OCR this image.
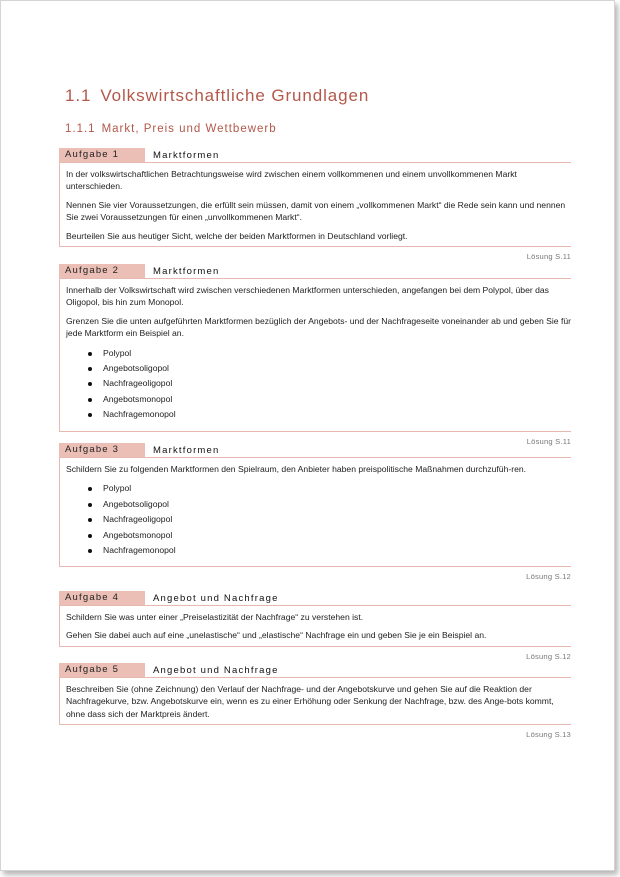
1.1 Volkswirtschaftliche Grundlagen
1.1.1 Markt, Preis und Wettbewerb
Aufgabe 1	Marktformen

In der volkswirtschaftlichen Betrachtungsweise wird zwischen einem vollkommenen und einem unvollkommenen Markt unterschieden.

Nennen Sie vier Voraussetzungen, die erfüllt sein müssen, damit von einem „vollkommenen Markt“ die Rede sein kann und nennen Sie zwei Voraussetzungen für einen „unvollkommenen Markt“.

Beurteilen Sie aus heutiger Sicht, welche der beiden Marktformen in Deutschland vorliegt.

Lösung S.11
Aufgabe 2	Marktformen

Innerhalb der Volkswirtschaft wird zwischen verschiedenen Marktformen unterschieden, angefangen bei dem Polypol, über das Oligopol, bis hin zum Monopol.

Grenzen Sie die unten aufgeführten Marktformen bezüglich der Angebots- und der Nachfrageseite voneinander ab und geben Sie für jede Marktform ein Beispiel an.

Polypol
Angebotsoligopol
Nachfrageoligopol
Angebotsmonopol
Nachfragemonopol
Lösung S.11
Aufgabe 3	Marktformen

Schildern Sie zu folgenden Marktformen den Spielraum, den Anbieter haben preispolitische Maßnahmen durchzufüh-ren.

Polypol
Angebotsoligopol
Nachfrageoligopol
Angebotsmonopol
Nachfragemonopol
Lösung S.12
Aufgabe 4	Angebot und Nachfrage

Schildern Sie was unter einer „Preiselastizität der Nachfrage“ zu verstehen ist.

Gehen Sie dabei auch auf eine „unelastische“ und „elastische“ Nachfrage ein und geben Sie je ein Beispiel an.

Lösung S.12
Aufgabe 5	Angebot und Nachfrage

Beschreiben Sie (ohne Zeichnung) den Verlauf der Nachfrage- und der Angebotskurve und gehen Sie auf die Reaktion der Nachfragekurve, bzw. Angebotskurve ein, wenn es zu einer Erhöhung oder Senkung der Nachfrage, bzw. des Ange-bots kommt, ohne dass sich der Marktpreis ändert.

Lösung S.13
